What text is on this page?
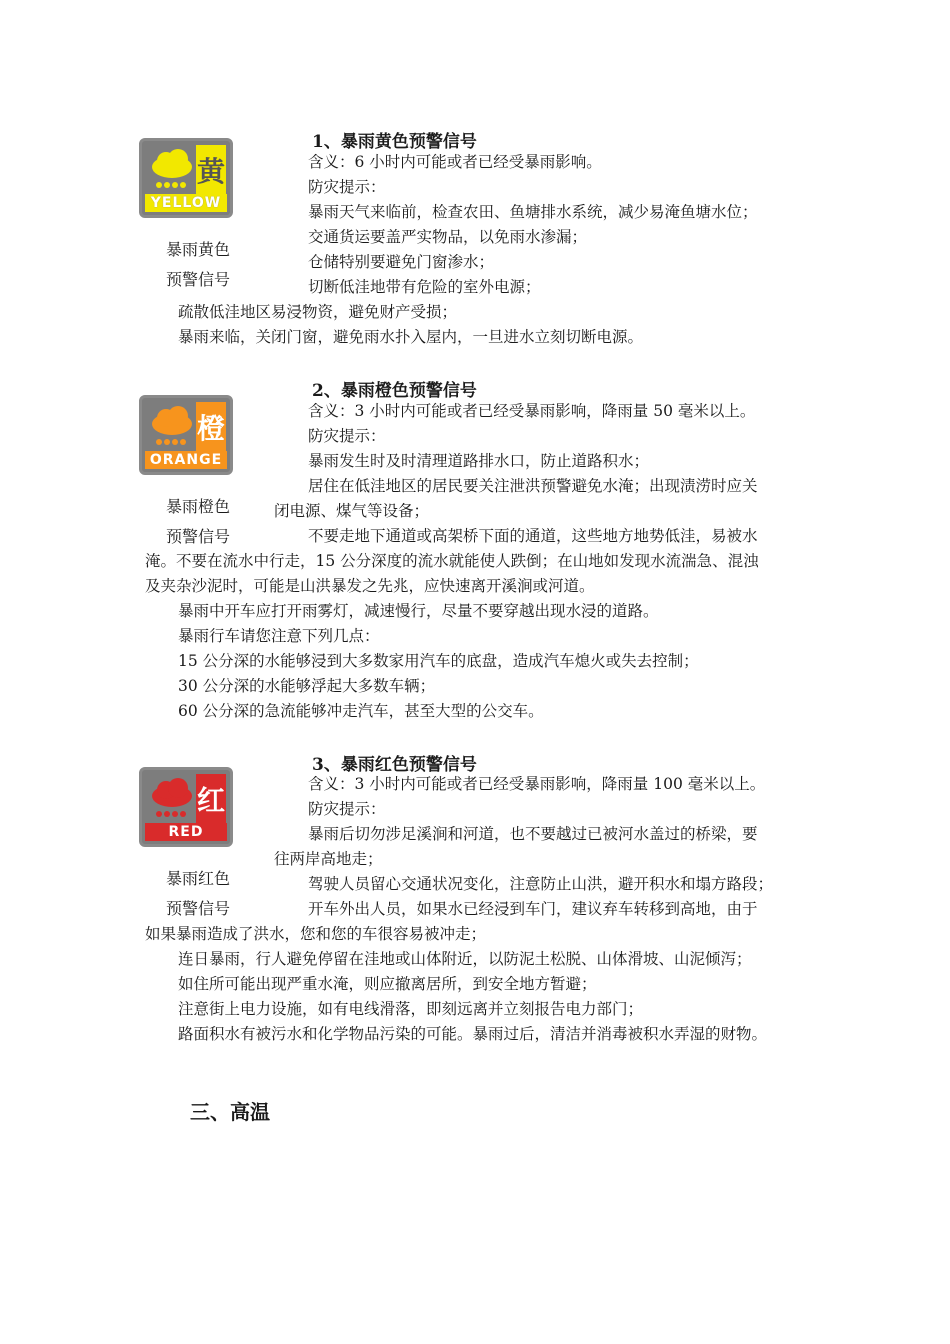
1、暴雨黄色预警信号
黄
YELLOW
暴雨黄色
预警信号
含义：6 小时内可能或者已经受暴雨影响。
防灾提示：
暴雨天气来临前，检查农田、鱼塘排水系统，减少易淹鱼塘水位；
交通货运要盖严实物品，以免雨水渗漏；
仓储特别要避免门窗渗水；
切断低洼地带有危险的室外电源；
疏散低洼地区易浸物资，避免财产受损；
暴雨来临，关闭门窗，避免雨水扑入屋内，一旦进水立刻切断电源。
2、暴雨橙色预警信号
橙
ORANGE
暴雨橙色
预警信号
含义：3 小时内可能或者已经受暴雨影响，降雨量 50 毫米以上。
防灾提示：
暴雨发生时及时清理道路排水口，防止道路积水；
居住在低洼地区的居民要关注泄洪预警避免水淹；出现渍涝时应关
闭电源、煤气等设备；
不要走地下通道或高架桥下面的通道，这些地方地势低洼，易被水
淹。不要在流水中行走，15 公分深度的流水就能使人跌倒；在山地如发现水流湍急、混浊
及夹杂沙泥时，可能是山洪暴发之先兆，应快速离开溪涧或河道。
暴雨中开车应打开雨雾灯，减速慢行，尽量不要穿越出现水浸的道路。
暴雨行车请您注意下列几点：
15 公分深的水能够浸到大多数家用汽车的底盘，造成汽车熄火或失去控制；
30 公分深的水能够浮起大多数车辆；
60 公分深的急流能够冲走汽车，甚至大型的公交车。
3、暴雨红色预警信号
红
RED
暴雨红色
预警信号
含义：3 小时内可能或者已经受暴雨影响，降雨量 100 毫米以上。
防灾提示：
暴雨后切勿涉足溪涧和河道，也不要越过已被河水盖过的桥梁，要
往两岸高地走；
驾驶人员留心交通状况变化，注意防止山洪，避开积水和塌方路段；
开车外出人员，如果水已经浸到车门，建议弃车转移到高地，由于
如果暴雨造成了洪水，您和您的车很容易被冲走；
连日暴雨，行人避免停留在洼地或山体附近，以防泥土松脱、山体滑坡、山泥倾泻；
如住所可能出现严重水淹，则应撤离居所，到安全地方暂避；
注意街上电力设施，如有电线滑落，即刻远离并立刻报告电力部门；
路面积水有被污水和化学物品污染的可能。暴雨过后，清洁并消毒被积水弄湿的财物。
三、高温
